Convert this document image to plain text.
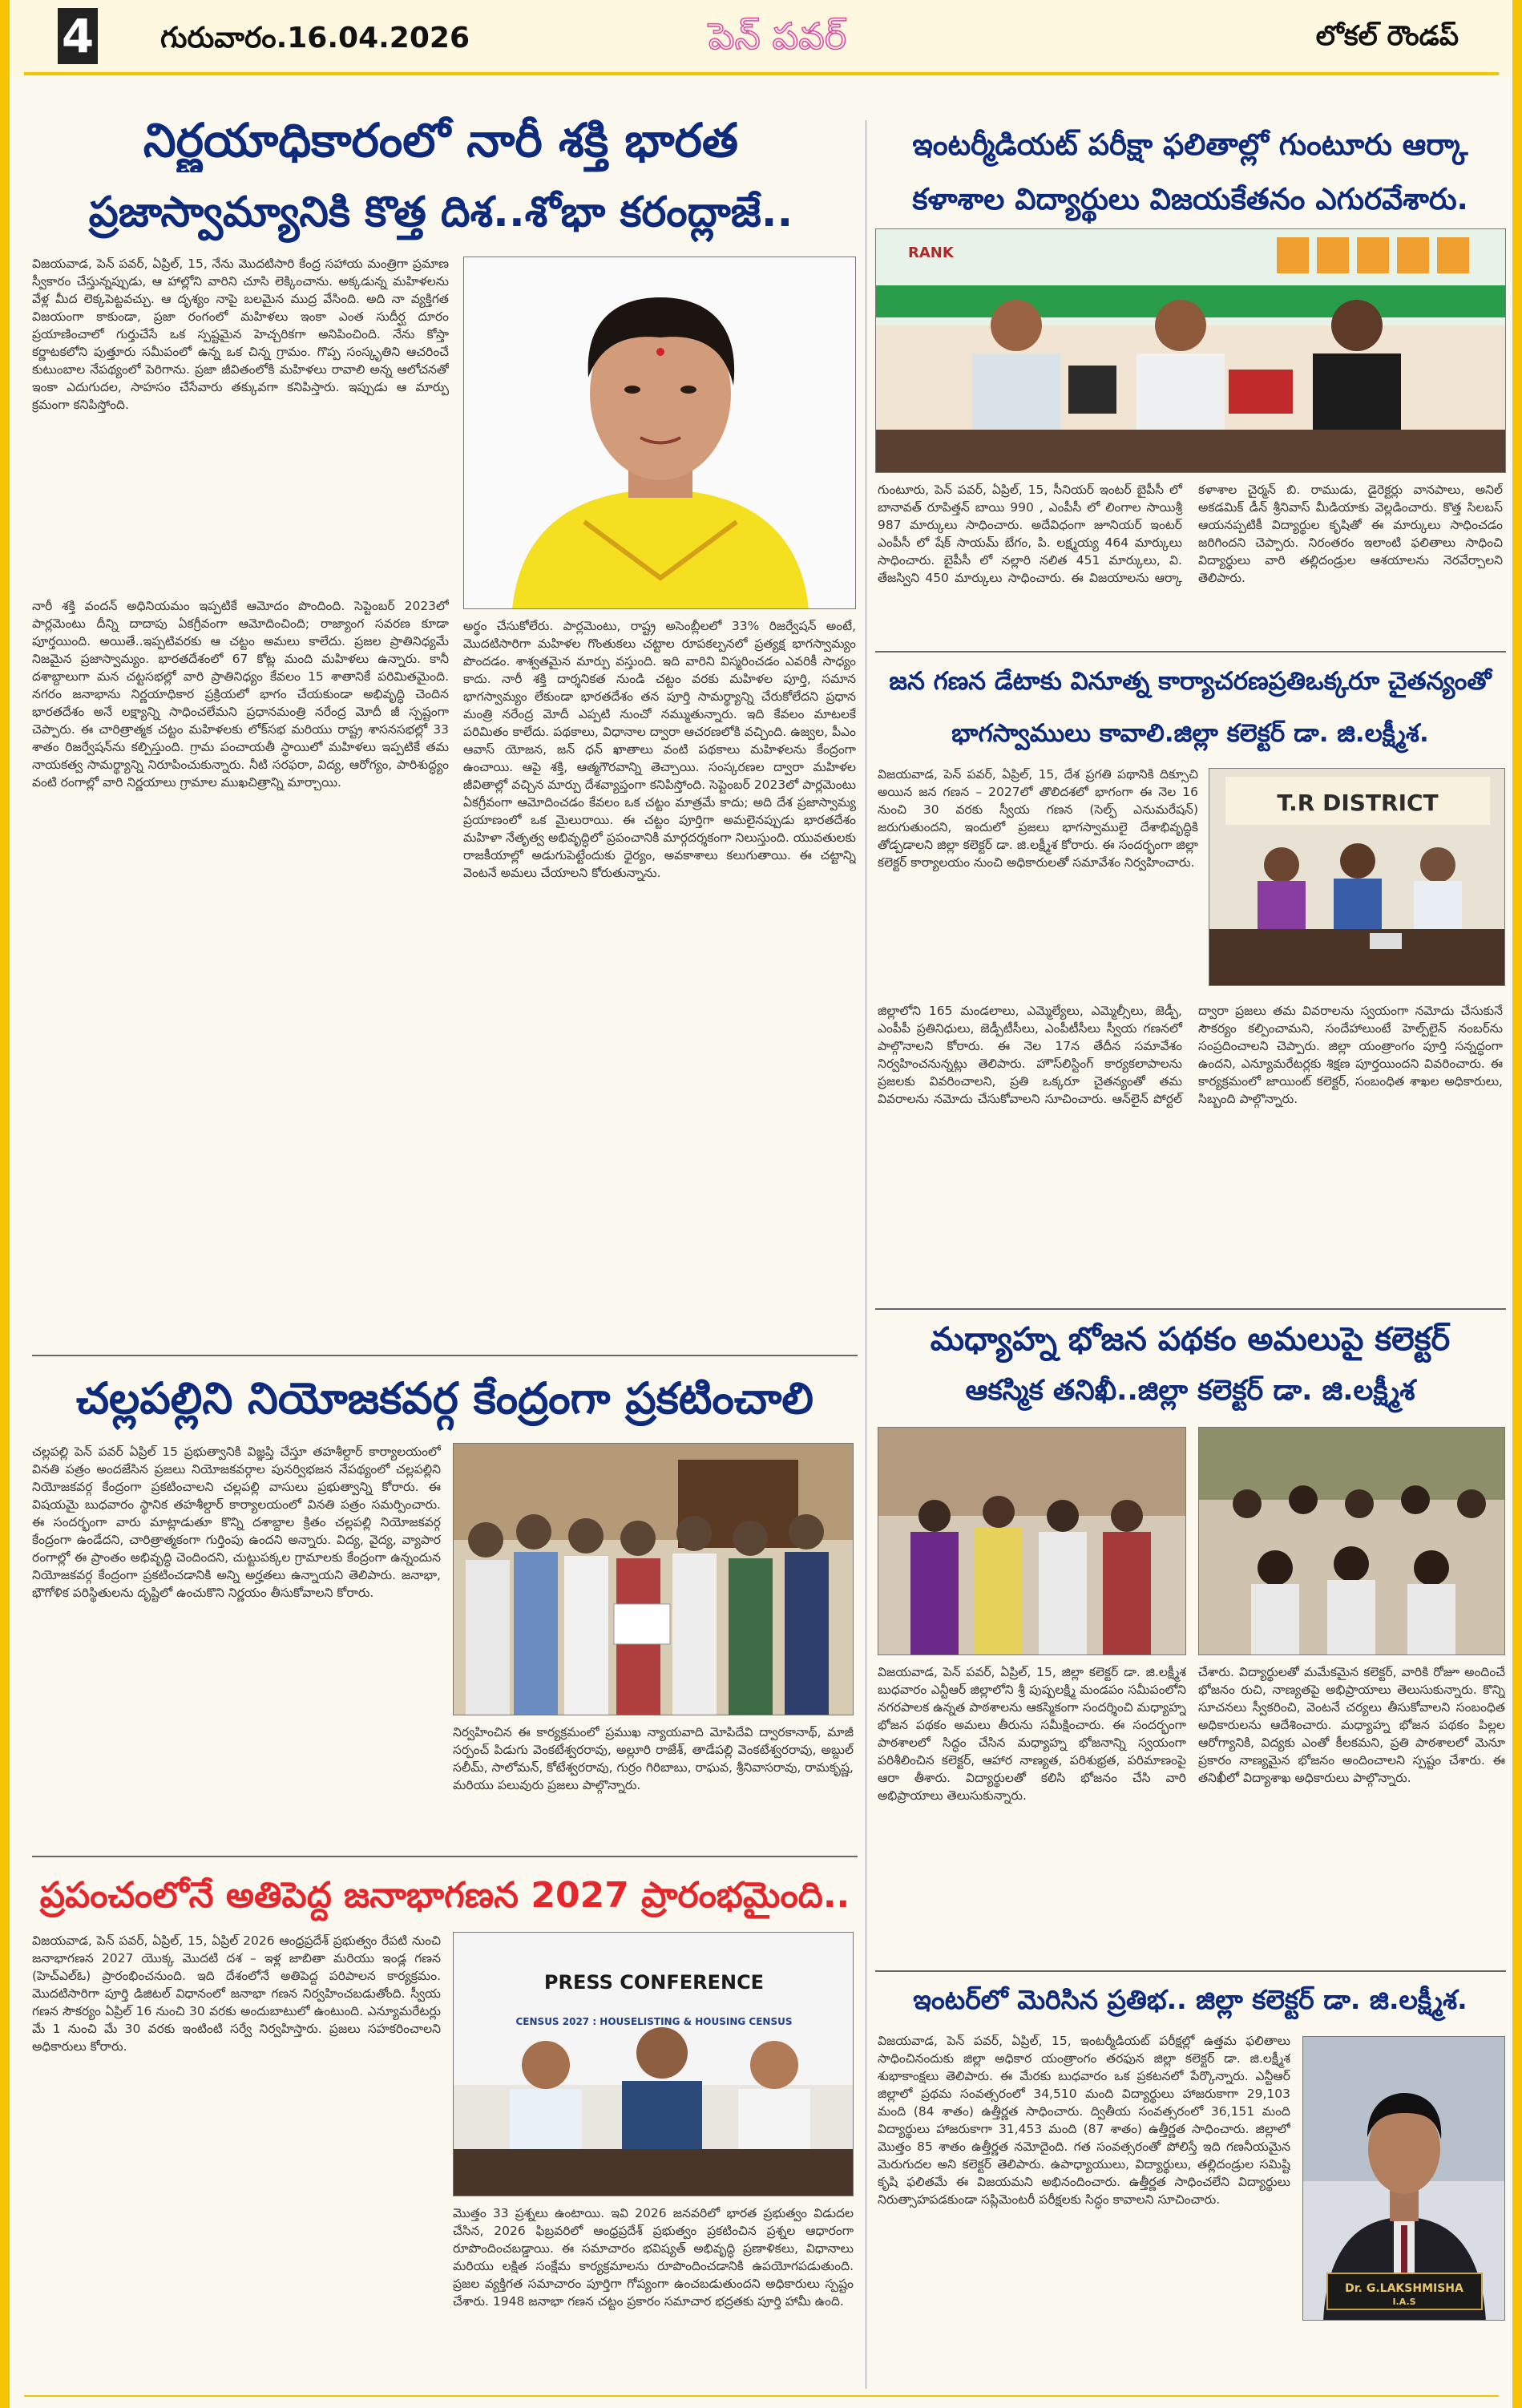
4 గురువారం.16.04.2026	పెన్ పవర్	లోకల్ రౌండప్
నిర్ణయాధికారంలో నారీ శక్తి భారత
ప్రజాస్వామ్యానికి కొత్త దిశ..శోభా కరంద్లాజే..
విజయవాడ, పెన్ పవర్, ఏప్రిల్, 15, నేను మొదటిసారి కేంద్ర సహాయ మంత్రిగా ప్రమాణ స్వీకారం చేస్తున్నప్పుడు, ఆ హాల్లోని వారిని చూసి లెక్కించాను. అక్కడున్న మహిళలను వేళ్ల మీద లెక్కపెట్టవచ్చు. ఆ దృశ్యం నాపై బలమైన ముద్ర వేసింది. అది నా వ్యక్తిగత విజయంగా కాకుండా, ప్రజా రంగంలో మహిళలు ఇంకా ఎంత సుదీర్ఘ దూరం ప్రయాణించాలో గుర్తుచేసే ఒక స్పష్టమైన హెచ్చరికగా అనిపించింది. నేను కోస్తా కర్ణాటకలోని పుత్తూరు సమీపంలో ఉన్న ఒక చిన్న గ్రామం. గొప్ప సంస్కృతిని ఆచరించే కుటుంబాల నేపథ్యంలో పెరిగాను. ప్రజా జీవితంలోకి మహిళలు రావాలి అన్న ఆలోచనతో ఇంకా ఎదుగుదల, సాహసం చేసేవారు తక్కువగా కనిపిస్తారు. ఇప్పుడు ఆ మార్పు క్రమంగా కనిపిస్తోంది.
నారీ శక్తి వందన్ అధినియమం ఇప్పటికే ఆమోదం పొందింది. సెప్టెంబర్ 2023లో పార్లమెంటు దీన్ని దాదాపు ఏకగ్రీవంగా ఆమోదించింది; రాజ్యాంగ సవరణ కూడా పూర్తయింది. అయితే..ఇప్పటివరకు ఆ చట్టం అమలు కాలేదు. ప్రజల ప్రాతినిధ్యమే నిజమైన ప్రజాస్వామ్యం. భారతదేశంలో 67 కోట్ల మంది మహిళలు ఉన్నారు. కానీ దశాబ్దాలుగా మన చట్టసభల్లో వారి ప్రాతినిధ్యం కేవలం 15 శాతానికే పరిమితమైంది. నగరం జనాభాను నిర్ణయాధికార ప్రక్రియలో భాగం చేయకుండా అభివృద్ధి చెందిన భారతదేశం అనే లక్ష్యాన్ని సాధించలేమని ప్రధానమంత్రి నరేంద్ర మోదీ జీ స్పష్టంగా చెప్పారు. ఈ చారిత్రాత్మక చట్టం మహిళలకు లోక్‌సభ మరియు రాష్ట్ర శాసనసభల్లో 33 శాతం రిజర్వేషన్‌ను కల్పిస్తుంది. గ్రామ పంచాయతీ స్థాయిలో మహిళలు ఇప్పటికే తమ నాయకత్వ సామర్థ్యాన్ని నిరూపించుకున్నారు. నీటి సరఫరా, విద్య, ఆరోగ్యం, పారిశుద్ధ్యం వంటి రంగాల్లో వారి నిర్ణయాలు గ్రామాల ముఖచిత్రాన్ని మార్చాయి.
అర్థం చేసుకోలేరు. పార్లమెంటు, రాష్ట్ర అసెంబ్లీలలో 33% రిజర్వేషన్ అంటే, మొదటిసారిగా మహిళల గొంతుకలు చట్టాల రూపకల్పనలో ప్రత్యక్ష భాగస్వామ్యం పొందడం. శాశ్వతమైన మార్పు వస్తుంది. ఇది వారిని విస్మరించడం ఎవరికీ సాధ్యం కాదు. నారీ శక్తి దార్శనికత నుండి చట్టం వరకు మహిళల పూర్తి, సమాన భాగస్వామ్యం లేకుండా భారతదేశం తన పూర్తి సామర్థ్యాన్ని చేరుకోలేదని ప్రధాన మంత్రి నరేంద్ర మోదీ ఎప్పటి నుంచో నమ్ముతున్నారు. ఇది కేవలం మాటలకే పరిమితం కాలేదు. పథకాలు, విధానాల ద్వారా ఆచరణలోకి వచ్చింది. ఉజ్వల, పీఎం ఆవాస్ యోజన, జన్ ధన్ ఖాతాలు వంటి పథకాలు మహిళలను కేంద్రంగా ఉంచాయి. ఆపై శక్తి, ఆత్మగౌరవాన్ని తెచ్చాయి. సంస్కరణల ద్వారా మహిళల జీవితాల్లో వచ్చిన మార్పు దేశవ్యాప్తంగా కనిపిస్తోంది. సెప్టెంబర్ 2023లో పార్లమెంటు ఏకగ్రీవంగా ఆమోదించడం కేవలం ఒక చట్టం మాత్రమే కాదు; అది దేశ ప్రజాస్వామ్య ప్రయాణంలో ఒక మైలురాయి. ఈ చట్టం పూర్తిగా అమలైనప్పుడు భారతదేశం మహిళా నేతృత్వ అభివృద్ధిలో ప్రపంచానికి మార్గదర్శకంగా నిలుస్తుంది. యువతులకు రాజకీయాల్లో అడుగుపెట్టేందుకు ధైర్యం, అవకాశాలు కలుగుతాయి. ఈ చట్టాన్ని వెంటనే అమలు చేయాలని కోరుతున్నాను.
చల్లపల్లిని నియోజకవర్గ కేంద్రంగా ప్రకటించాలి
చల్లపల్లి పెన్ పవర్ ఏప్రిల్ 15 ప్రభుత్వానికి విజ్ఞప్తి చేస్తూ తహశీల్దార్ కార్యాలయంలో వినతి పత్రం అందజేసిన ప్రజలు నియోజకవర్గాల పునర్విభజన నేపథ్యంలో చల్లపల్లిని నియోజకవర్గ కేంద్రంగా ప్రకటించాలని చల్లపల్లి వాసులు ప్రభుత్వాన్ని కోరారు. ఈ విషయమై బుధవారం స్థానిక తహశీల్దార్ కార్యాలయంలో వినతి పత్రం సమర్పించారు. ఈ సందర్భంగా వారు మాట్లాడుతూ కొన్ని దశాబ్దాల క్రితం చల్లపల్లి నియోజకవర్గ కేంద్రంగా ఉండేదని, చారిత్రాత్మకంగా గుర్తింపు ఉందని అన్నారు. విద్య, వైద్య, వ్యాపార రంగాల్లో ఈ ప్రాంతం అభివృద్ధి చెందిందని, చుట్టుపక్కల గ్రామాలకు కేంద్రంగా ఉన్నందున నియోజకవర్గ కేంద్రంగా ప్రకటించడానికి అన్ని అర్హతలు ఉన్నాయని తెలిపారు. జనాభా, భౌగోళిక పరిస్థితులను దృష్టిలో ఉంచుకొని నిర్ణయం తీసుకోవాలని కోరారు.
నిర్వహించిన ఈ కార్యక్రమంలో ప్రముఖ న్యాయవాది మోపిదేవి ద్వారకానాథ్, మాజీ సర్పంచ్ పిడుగు వెంకటేశ్వరరావు, అల్లూరి రాజేశ్, తాడేపల్లి వెంకటేశ్వరరావు, అబ్దుల్ సలీమ్, సాలోమన్, కోటేశ్వరరావు, గుర్రం గిరిబాబు, రాఘవ, శ్రీనివాసరావు, రామకృష్ణ, మరియు పలువురు ప్రజలు పాల్గొన్నారు.
ప్రపంచంలోనే అతిపెద్ద జనాభాగణన 2027 ప్రారంభమైంది..
విజయవాడ, పెన్ పవర్, ఏప్రిల్, 15, ఏప్రిల్ 2026 ఆంధ్రప్రదేశ్ ప్రభుత్వం రేపటి నుంచి జనాభాగణన 2027 యొక్క మొదటి దశ – ఇళ్ల జాబితా మరియు ఇండ్ల గణన (హెచ్ఎల్ఓ) ప్రారంభించనుంది. ఇది దేశంలోనే అతిపెద్ద పరిపాలన కార్యక్రమం. మొదటిసారిగా పూర్తి డిజిటల్ విధానంలో జనాభా గణన నిర్వహించబడుతోంది. స్వీయ గణన సౌకర్యం ఏప్రిల్ 16 నుంచి 30 వరకు అందుబాటులో ఉంటుంది. ఎన్యూమరేటర్లు మే 1 నుంచి మే 30 వరకు ఇంటింటి సర్వే నిర్వహిస్తారు. ప్రజలు సహకరించాలని అధికారులు కోరారు.
PRESS CONFERENCE
CENSUS 2027 : HOUSELISTING & HOUSING CENSUS
మొత్తం 33 ప్రశ్నలు ఉంటాయి. ఇవి 2026 జనవరిలో భారత ప్రభుత్వం విడుదల చేసిన, 2026 ఫిబ్రవరిలో ఆంధ్రప్రదేశ్ ప్రభుత్వం ప్రకటించిన ప్రశ్నల ఆధారంగా రూపొందించబడ్డాయి. ఈ సమాచారం భవిష్యత్ అభివృద్ధి ప్రణాళికలు, విధానాలు మరియు లక్షిత సంక్షేమ కార్యక్రమాలను రూపొందించడానికి ఉపయోగపడుతుంది. ప్రజల వ్యక్తిగత సమాచారం పూర్తిగా గోప్యంగా ఉంచబడుతుందని అధికారులు స్పష్టం చేశారు. 1948 జనాభా గణన చట్టం ప్రకారం సమాచార భద్రతకు పూర్తి హామీ ఉంది.
ఇంటర్మీడియట్ పరీక్షా ఫలితాల్లో గుంటూరు ఆర్కా
కళాశాల విద్యార్థులు విజయకేతనం ఎగురవేశారు.
RANK
గుంటూరు, పెన్ పవర్, ఏప్రిల్, 15, సీనియర్ ఇంటర్ బైపీసీ లో బానావత్ రూపిత్తన్ బాయి 990 , ఎంపీసీ లో లింగాల సాయిశ్రీ 987 మార్కులు సాధించారు. అదేవిధంగా జూనియర్ ఇంటర్ ఎంపీసీ లో షేక్ సాయమ్ బేగం, పి. లక్ష్మయ్య 464 మార్కులు సాధించారు. బైపీసీ లో నల్లారి నలిత 451 మార్కులు, వి. తేజస్విని 450 మార్కులు సాధించారు. ఈ విజయాలను ఆర్కా కళాశాల చైర్మన్ బి. రాముడు, డైరెక్టర్లు వానపాలు, అనిల్ అకడమిక్ డీన్ శ్రీనివాస్ మీడియాకు వెల్లడించారు. కొత్త సిలబస్ ఆయనప్పటికీ విద్యార్థుల కృషితో ఈ మార్కులు సాధించడం జరిగిందని చెప్పారు. నిరంతరం ఇలాంటి ఫలితాలు సాధించి విద్యార్థులు వారి తల్లిదండ్రుల ఆశయాలను నెరవేర్చాలని తెలిపారు.
జన గణన డేటాకు వినూత్న కార్యాచరణప్రతిఒక్కరూ చైతన్యంతో
భాగస్వాములు కావాలి.జిల్లా కలెక్టర్ డా. జి.లక్ష్మీశ.
విజయవాడ, పెన్ పవర్, ఏప్రిల్, 15, దేశ ప్రగతి పథానికి దిక్సూచి అయిన జన గణన – 2027లో తొలిదశలో భాగంగా ఈ నెల 16 నుంచి 30 వరకు స్వీయ గణన (సెల్ఫ్ ఎనుమరేషన్) జరుగుతుందని, ఇందులో ప్రజలు భాగస్వాములై దేశాభివృద్ధికి తోడ్పడాలని జిల్లా కలెక్టర్ డా. జి.లక్ష్మీశ కోరారు. ఈ సందర్భంగా జిల్లా కలెక్టర్ కార్యాలయం నుంచి అధికారులతో సమావేశం నిర్వహించారు.
T.R DISTRICT
జిల్లాలోని 165 మండలాలు, ఎమ్మెల్యేలు, ఎమ్మెల్సీలు, జెడ్పీ, ఎంపీపీ ప్రతినిధులు, జెడ్పీటీసీలు, ఎంపీటీసీలు స్వీయ గణనలో పాల్గొనాలని కోరారు. ఈ నెల 17న తేదీన సమావేశం నిర్వహించనున్నట్లు తెలిపారు. హౌస్‌లిస్టింగ్ కార్యకలాపాలను ప్రజలకు వివరించాలని, ప్రతి ఒక్కరూ చైతన్యంతో తమ వివరాలను నమోదు చేసుకోవాలని సూచించారు. ఆన్‌లైన్ పోర్టల్ ద్వారా ప్రజలు తమ వివరాలను స్వయంగా నమోదు చేసుకునే సౌకర్యం కల్పించామని, సందేహాలుంటే హెల్ప్‌లైన్ నంబర్‌ను సంప్రదించాలని చెప్పారు. జిల్లా యంత్రాంగం పూర్తి సన్నద్ధంగా ఉందని, ఎన్యూమరేటర్లకు శిక్షణ పూర్తయిందని వివరించారు. ఈ కార్యక్రమంలో జాయింట్ కలెక్టర్, సంబంధిత శాఖల అధికారులు, సిబ్బంది పాల్గొన్నారు.
మధ్యాహ్న భోజన పథకం అమలుపై కలెక్టర్
ఆకస్మిక తనిఖీ..జిల్లా కలెక్టర్ డా. జి.లక్ష్మీశ
విజయవాడ, పెన్ పవర్, ఏప్రిల్, 15, జిల్లా కలెక్టర్ డా. జి.లక్ష్మీశ బుధవారం ఎన్టీఆర్ జిల్లాలోని శ్రీ పుష్పలక్ష్మి మండపం సమీపంలోని నగరపాలక ఉన్నత పాఠశాలను ఆకస్మికంగా సందర్శించి మధ్యాహ్న భోజన పథకం అమలు తీరును సమీక్షించారు. ఈ సందర్భంగా పాఠశాలలో సిద్ధం చేసిన మధ్యాహ్న భోజనాన్ని స్వయంగా పరిశీలించిన కలెక్టర్, ఆహార నాణ్యత, పరిశుభ్రత, పరిమాణంపై ఆరా తీశారు. విద్యార్థులతో కలిసి భోజనం చేసి వారి అభిప్రాయాలు తెలుసుకున్నారు.
చేశారు. విద్యార్థులతో మమేకమైన కలెక్టర్, వారికి రోజూ అందించే భోజనం రుచి, నాణ్యతపై అభిప్రాయాలు తెలుసుకున్నారు. కొన్ని సూచనలు స్వీకరించి, వెంటనే చర్యలు తీసుకోవాలని సంబంధిత అధికారులను ఆదేశించారు. మధ్యాహ్న భోజన పథకం పిల్లల ఆరోగ్యానికి, విద్యకు ఎంతో కీలకమని, ప్రతి పాఠశాలలో మెనూ ప్రకారం నాణ్యమైన భోజనం అందించాలని స్పష్టం చేశారు. ఈ తనిఖీలో విద్యాశాఖ అధికారులు పాల్గొన్నారు.
ఇంటర్‌లో మెరిసిన ప్రతిభ.. జిల్లా కలెక్టర్ డా. జి.లక్ష్మీశ.
విజయవాడ, పెన్ పవర్, ఏప్రిల్, 15, ఇంటర్మీడియట్ పరీక్షల్లో ఉత్తమ ఫలితాలు సాధించినందుకు జిల్లా అధికార యంత్రాంగం తరఫున జిల్లా కలెక్టర్ డా. జి.లక్ష్మీశ శుభాకాంక్షలు తెలిపారు. ఈ మేరకు బుధవారం ఒక ప్రకటనలో పేర్కొన్నారు. ఎన్టీఆర్ జిల్లాలో ప్రథమ సంవత్సరంలో 34,510 మంది విద్యార్థులు హాజరుకాగా 29,103 మంది (84 శాతం) ఉత్తీర్ణత సాధించారు. ద్వితీయ సంవత్సరంలో 36,151 మంది విద్యార్థులు హాజరుకాగా 31,453 మంది (87 శాతం) ఉత్తీర్ణత సాధించారు. జిల్లాలో మొత్తం 85 శాతం ఉత్తీర్ణత నమోదైంది. గత సంవత్సరంతో పోలిస్తే ఇది గణనీయమైన మెరుగుదల అని కలెక్టర్ తెలిపారు. ఉపాధ్యాయులు, విద్యార్థులు, తల్లిదండ్రుల సమిష్టి కృషి ఫలితమే ఈ విజయమని అభినందించారు. ఉత్తీర్ణత సాధించలేని విద్యార్థులు నిరుత్సాహపడకుండా సప్లిమెంటరీ పరీక్షలకు సిద్ధం కావాలని సూచించారు.
Dr. G.LAKSHMISHA
I.A.S
